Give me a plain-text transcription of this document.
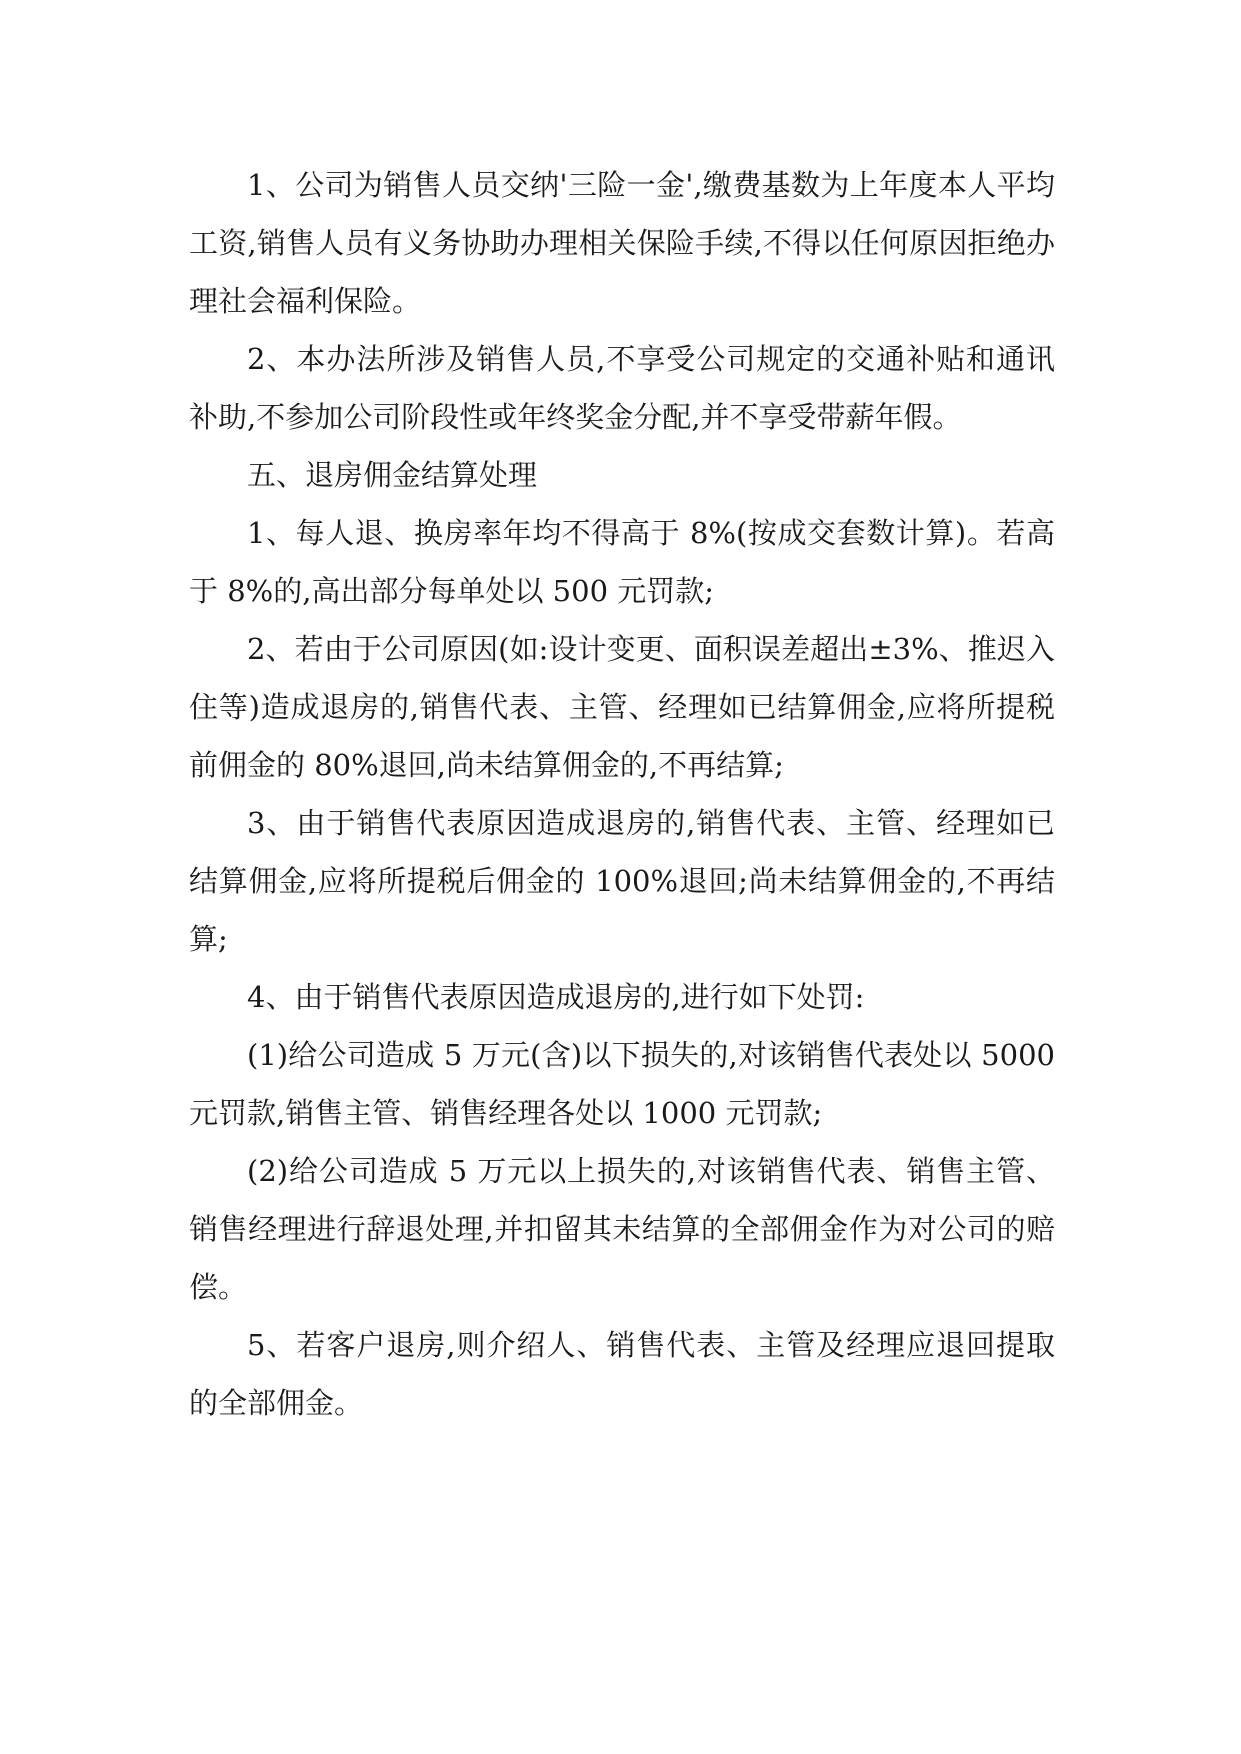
1、公司为销售人员交纳'三险一金',缴费基数为上年度本人平均工资,销售人员有义务协助办理相关保险手续,不得以任何原因拒绝办理社会福利保险。

2、本办法所涉及销售人员,不享受公司规定的交通补贴和通讯补助,不参加公司阶段性或年终奖金分配,并不享受带薪年假。

五、退房佣金结算处理

1、每人退、换房率年均不得高于 8%(按成交套数计算)。若高于 8%的,高出部分每单处以 500 元罚款;

2、若由于公司原因(如:设计变更、面积误差超出±3%、推迟入住等)造成退房的,销售代表、主管、经理如已结算佣金,应将所提税前佣金的 80%退回,尚未结算佣金的,不再结算;

3、由于销售代表原因造成退房的,销售代表、主管、经理如已结算佣金,应将所提税后佣金的 100%退回;尚未结算佣金的,不再结算;

4、由于销售代表原因造成退房的,进行如下处罚:

(1)给公司造成 5 万元(含)以下损失的,对该销售代表处以 5000 元罚款,销售主管、销售经理各处以 1000 元罚款;

(2)给公司造成 5 万元以上损失的,对该销售代表、销售主管、销售经理进行辞退处理,并扣留其未结算的全部佣金作为对公司的赔偿。

5、若客户退房,则介绍人、销售代表、主管及经理应退回提取的全部佣金。
